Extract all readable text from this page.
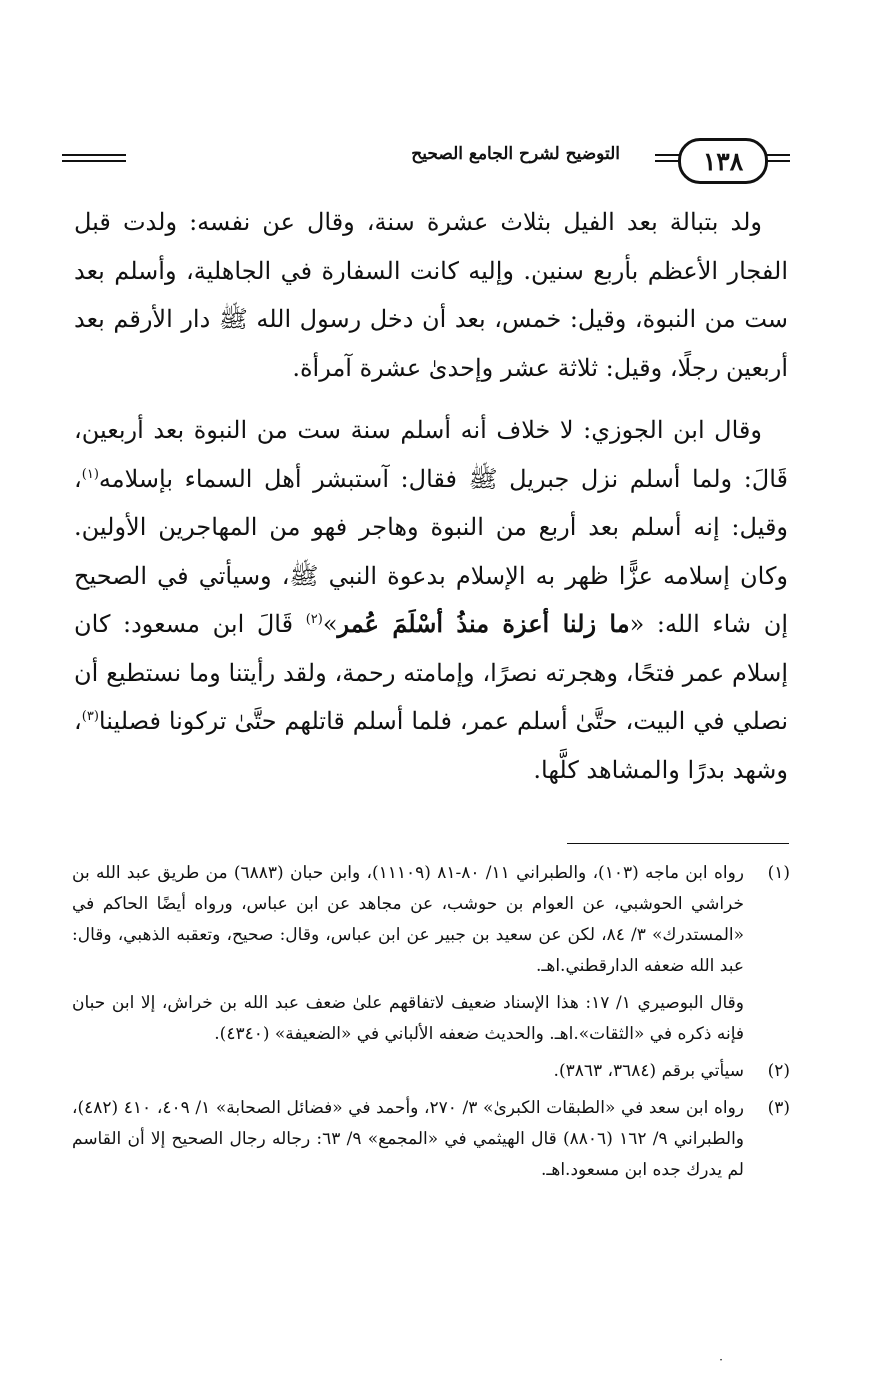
١٣٨
التوضيح لشرح الجامع الصحيح

ولد بتبالة بعد الفيل بثلاث عشرة سنة، وقال عن نفسه: ولدت قبل الفجار الأعظم بأربع سنين. وإليه كانت السفارة في الجاهلية، وأسلم بعد ست من النبوة، وقيل: خمس، بعد أن دخل رسول الله ﷺ دار الأرقم بعد أربعين رجلًا، وقيل: ثلاثة عشر وإحدىٰ عشرة آمرأة.

وقال ابن الجوزي: لا خلاف أنه أسلم سنة ست من النبوة بعد أربعين، قَالَ: ولما أسلم نزل جبريل ﷺ فقال: آستبشر أهل السماء بإسلامه$^{(١)}$، وقيل: إنه أسلم بعد أربع من النبوة وهاجر فهو من المهاجرين الأولين. وكان إسلامه عزًّا ظهر به الإسلام بدعوة النبي ﷺ، وسيأتي في الصحيح إن شاء الله: «ما زلنا أعزة منذُ أسْلَمَ عُمر»$^{(٢)}$ قَالَ ابن مسعود: كان إسلام عمر فتحًا، وهجرته نصرًا، وإمامته رحمة، ولقد رأيتنا وما نستطيع أن نصلي في البيت، حتَّىٰ أسلم عمر، فلما أسلم قاتلهم حتَّىٰ تركونا فصلينا$^{(٣)}$، وشهد بدرًا والمشاهد كلَّها.

(١)

رواه ابن ماجه (١٠٣)، والطبراني ١١/ ٨٠-٨١ (١١١٠٩)، وابن حبان (٦٨٨٣) من طريق عبد الله بن خراشي الحوشبي، عن العوام بن حوشب، عن مجاهد عن ابن عباس، ورواه أيضًا الحاكم في «المستدرك» ٣/ ٨٤، لكن عن سعيد بن جبير عن ابن عباس، وقال: صحيح، وتعقبه الذهبي، وقال: عبد الله ضعفه الدارقطني.اهـ.

وقال البوصيري ١/ ١٧: هذا الإسناد ضعيف لاتفاقهم علىٰ ضعف عبد الله بن خراش، إلا ابن حبان فإنه ذكره في «الثقات».اهـ. والحديث ضعفه الألباني في «الضعيفة» (٤٣٤٠).

(٢)

سيأتي برقم (٣٦٨٤، ٣٨٦٣).

(٣)

رواه ابن سعد في «الطبقات الكبرىٰ» ٣/ ٢٧٠، وأحمد في «فضائل الصحابة» ١/ ٤٠٩، ٤١٠ (٤٨٢)، والطبراني ٩/ ١٦٢ (٨٨٠٦) قال الهيثمي في «المجمع» ٩/ ٦٣: رجاله رجال الصحيح إلا أن القاسم لم يدرك جده ابن مسعود.اهـ.

·
